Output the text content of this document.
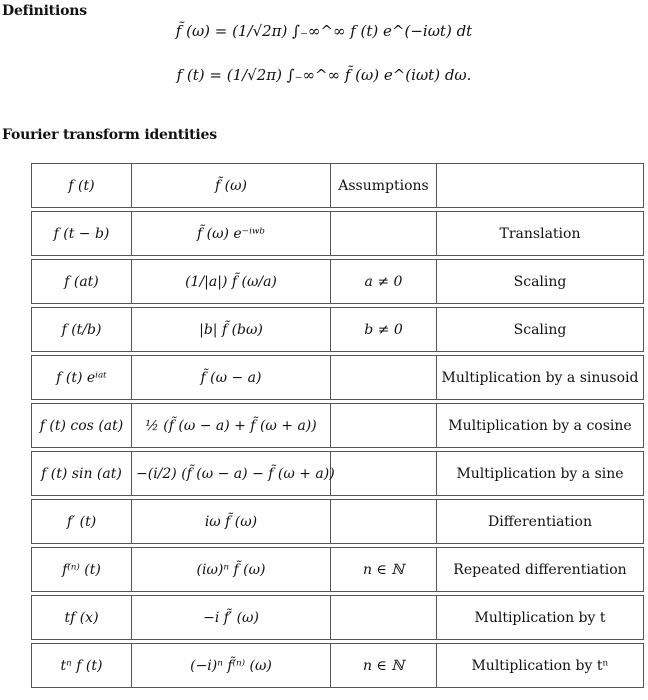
Definitions
f̃ (ω) = (1/√2π) ∫₋∞^∞ f (t) e^(−iωt) dt
f (t) = (1/√2π) ∫₋∞^∞ f̃ (ω) e^(iωt) dω.
Fourier transform identities
f (t)	f̃ (ω)	Assumptions	
f (t − b)	f̃ (ω) e⁻ⁱʷᵇ		Translation
f (at)	(1/|a|) f̃ (ω/a)	a ≠ 0	Scaling
f (t/b)	|b| f̃ (bω)	b ≠ 0	Scaling
f (t) eⁱᵃᵗ	f̃ (ω − a)		Multiplication by a sinusoid
f (t) cos (at)	½ (f̃ (ω − a) + f̃ (ω + a))		Multiplication by a cosine
f (t) sin (at)	−(i/2) (f̃ (ω − a) − f̃ (ω + a))		Multiplication by a sine
f′ (t)	iω f̃ (ω)		Differentiation
f⁽ⁿ⁾ (t)	(iω)ⁿ f̃ (ω)	n ∈ ℕ	Repeated differentiation
tf (x)	−i f̃′ (ω)		Multiplication by t
tⁿ f (t)	(−i)ⁿ f̃⁽ⁿ⁾ (ω)	n ∈ ℕ	Multiplication by tⁿ
